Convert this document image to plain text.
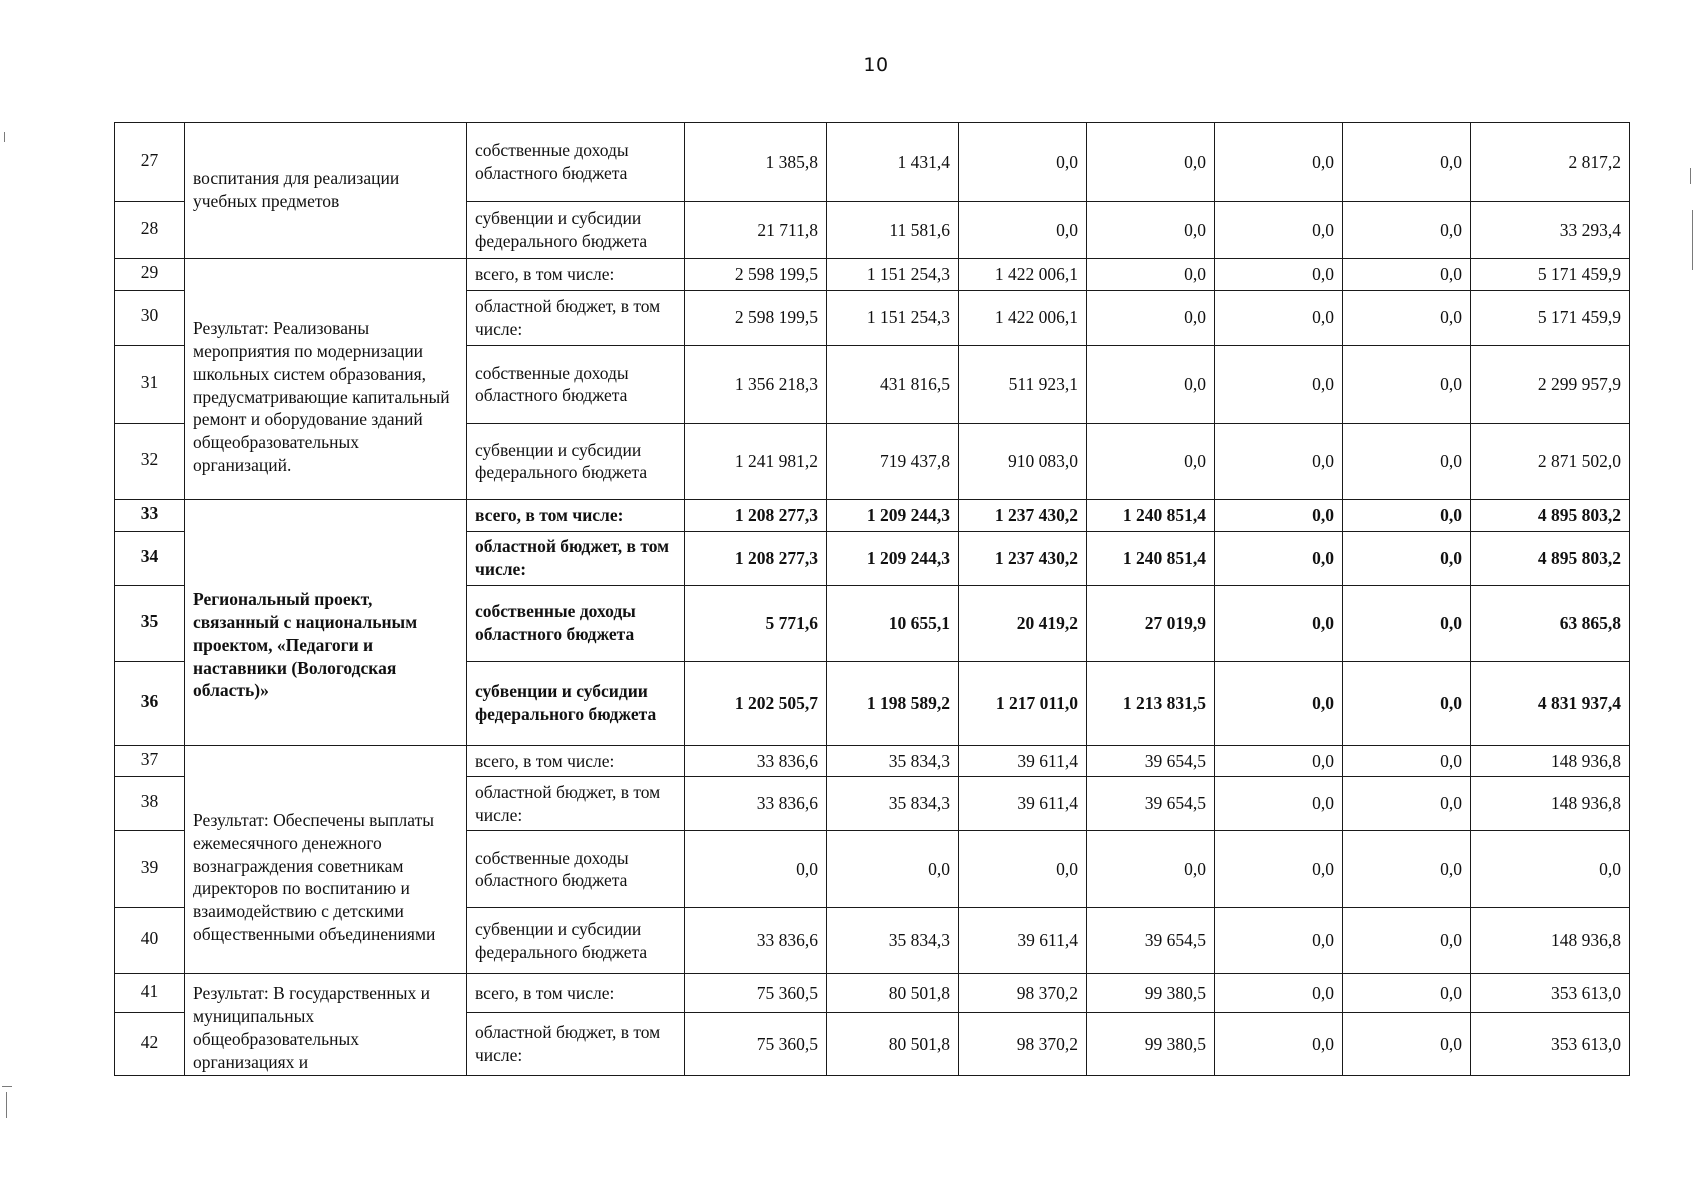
10
27	воспитания для реализации учебных предметов	собственные доходы областного бюджета	1 385,8	1 431,4	0,0	0,0	0,0	0,0	2 817,2

28		субвенции и субсидии федерального бюджета	21 711,8	11 581,6	0,0	0,0	0,0	0,0	33 293,4

29	Результат: Реализованы мероприятия по модернизации школьных систем образования, предусматривающие капитальный ремонт и оборудование зданий общеобразовательных организаций.	всего, в том числе:	2 598 199,5	1 151 254,3	1 422 006,1	0,0	0,0	0,0	5 171 459,9

30		областной бюджет, в том числе:	2 598 199,5	1 151 254,3	1 422 006,1	0,0	0,0	0,0	5 171 459,9

31		собственные доходы областного бюджета	1 356 218,3	431 816,5	511 923,1	0,0	0,0	0,0	2 299 957,9

32		субвенции и субсидии федерального бюджета	1 241 981,2	719 437,8	910 083,0	0,0	0,0	0,0	2 871 502,0

33	Региональный проект, связанный с национальным проектом, «Педагоги и наставники (Вологодская область)»	всего, в том числе:	1 208 277,3	1 209 244,3	1 237 430,2	1 240 851,4	0,0	0,0	4 895 803,2

34		областной бюджет, в том числе:	1 208 277,3	1 209 244,3	1 237 430,2	1 240 851,4	0,0	0,0	4 895 803,2

35		собственные доходы областного бюджета	5 771,6	10 655,1	20 419,2	27 019,9	0,0	0,0	63 865,8

36		субвенции и субсидии федерального бюджета	1 202 505,7	1 198 589,2	1 217 011,0	1 213 831,5	0,0	0,0	4 831 937,4

37	Результат: Обеспечены выплаты ежемесячного денежного вознаграждения советникам директоров по воспитанию и взаимодействию с детскими общественными объединениями	всего, в том числе:	33 836,6	35 834,3	39 611,4	39 654,5	0,0	0,0	148 936,8

38		областной бюджет, в том числе:	33 836,6	35 834,3	39 611,4	39 654,5	0,0	0,0	148 936,8

39		собственные доходы областного бюджета	0,0	0,0	0,0	0,0	0,0	0,0	0,0

40		субвенции и субсидии федерального бюджета	33 836,6	35 834,3	39 611,4	39 654,5	0,0	0,0	148 936,8

41	Результат: В государственных и муниципальных общеобразовательных организациях и	всего, в том числе:	75 360,5	80 501,8	98 370,2	99 380,5	0,0	0,0	353 613,0

42		областной бюджет, в том числе:	75 360,5	80 501,8	98 370,2	99 380,5	0,0	0,0	353 613,0
